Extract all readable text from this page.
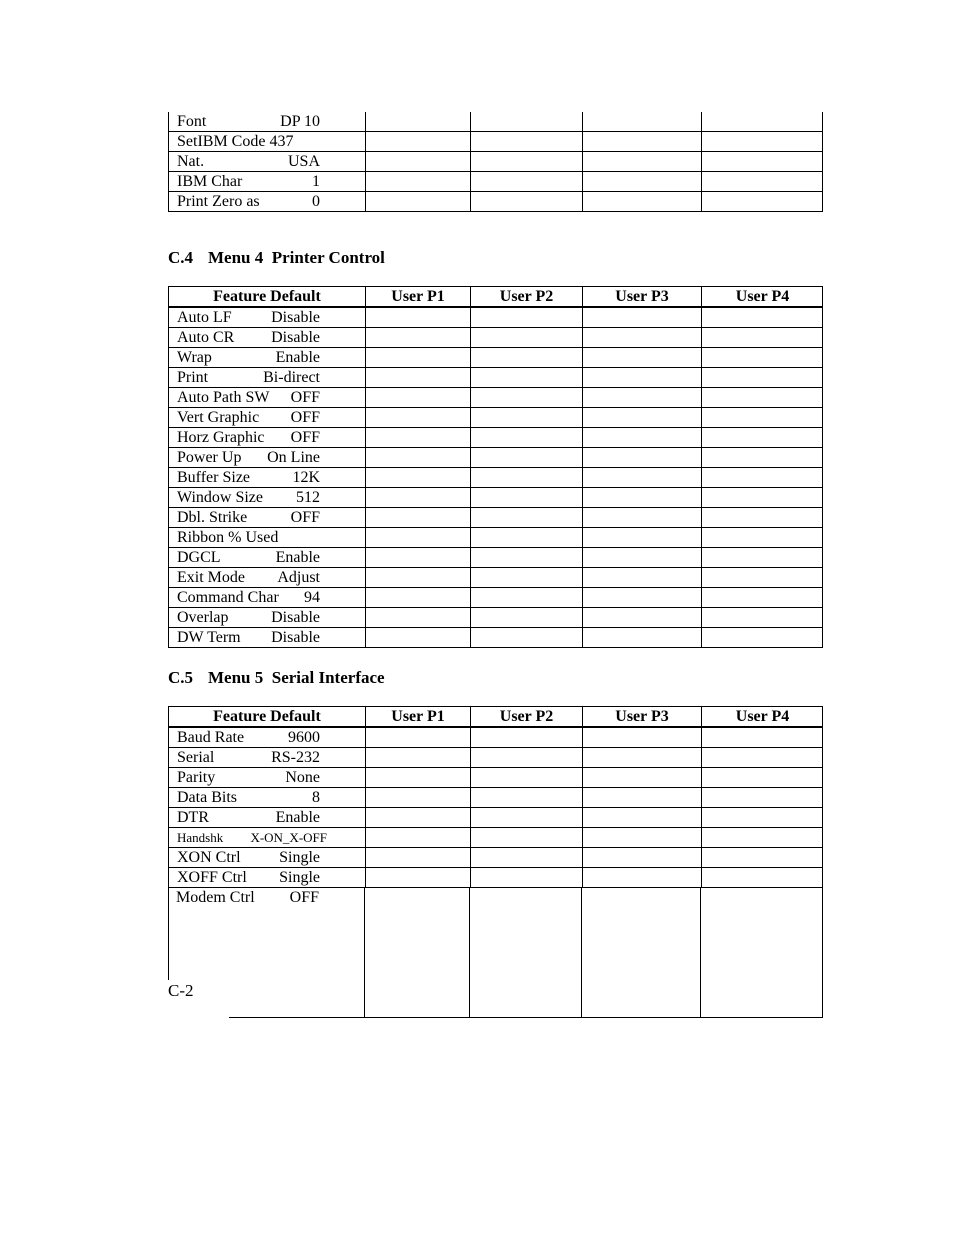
Font	DP 10
SetIBM Code 437
Nat.	USA
IBM Char	1
Print Zero as	0
C.4 Menu 4  Printer Control
Feature Default	User P1	User P2	User P3	User P4
Auto LF Disable
Auto CR Disable
Wrap	Enable
Print	Bi-direct
Auto Path SW OFF
Vert Graphic OFF
Horz Graphic OFF
Power Up On Line
Buffer Size	12K
Window Size 512
Dbl. Strike	OFF
Ribbon % Used
DGCL	Enable
Exit Mode Adjust
Command Char 94
Overlap	Disable
DW Term Disable
C.5 Menu 5  Serial Interface
Feature Default	User P1	User P2	User P3	User P4
Baud Rate	9600
Serial	RS-232
Parity	None
Data Bits	8
DTR	Enable
Handshk X-ON_X-OFF
XON Ctrl Single
XOFF Ctrl Single
Modem Ctrl OFF
C-2
